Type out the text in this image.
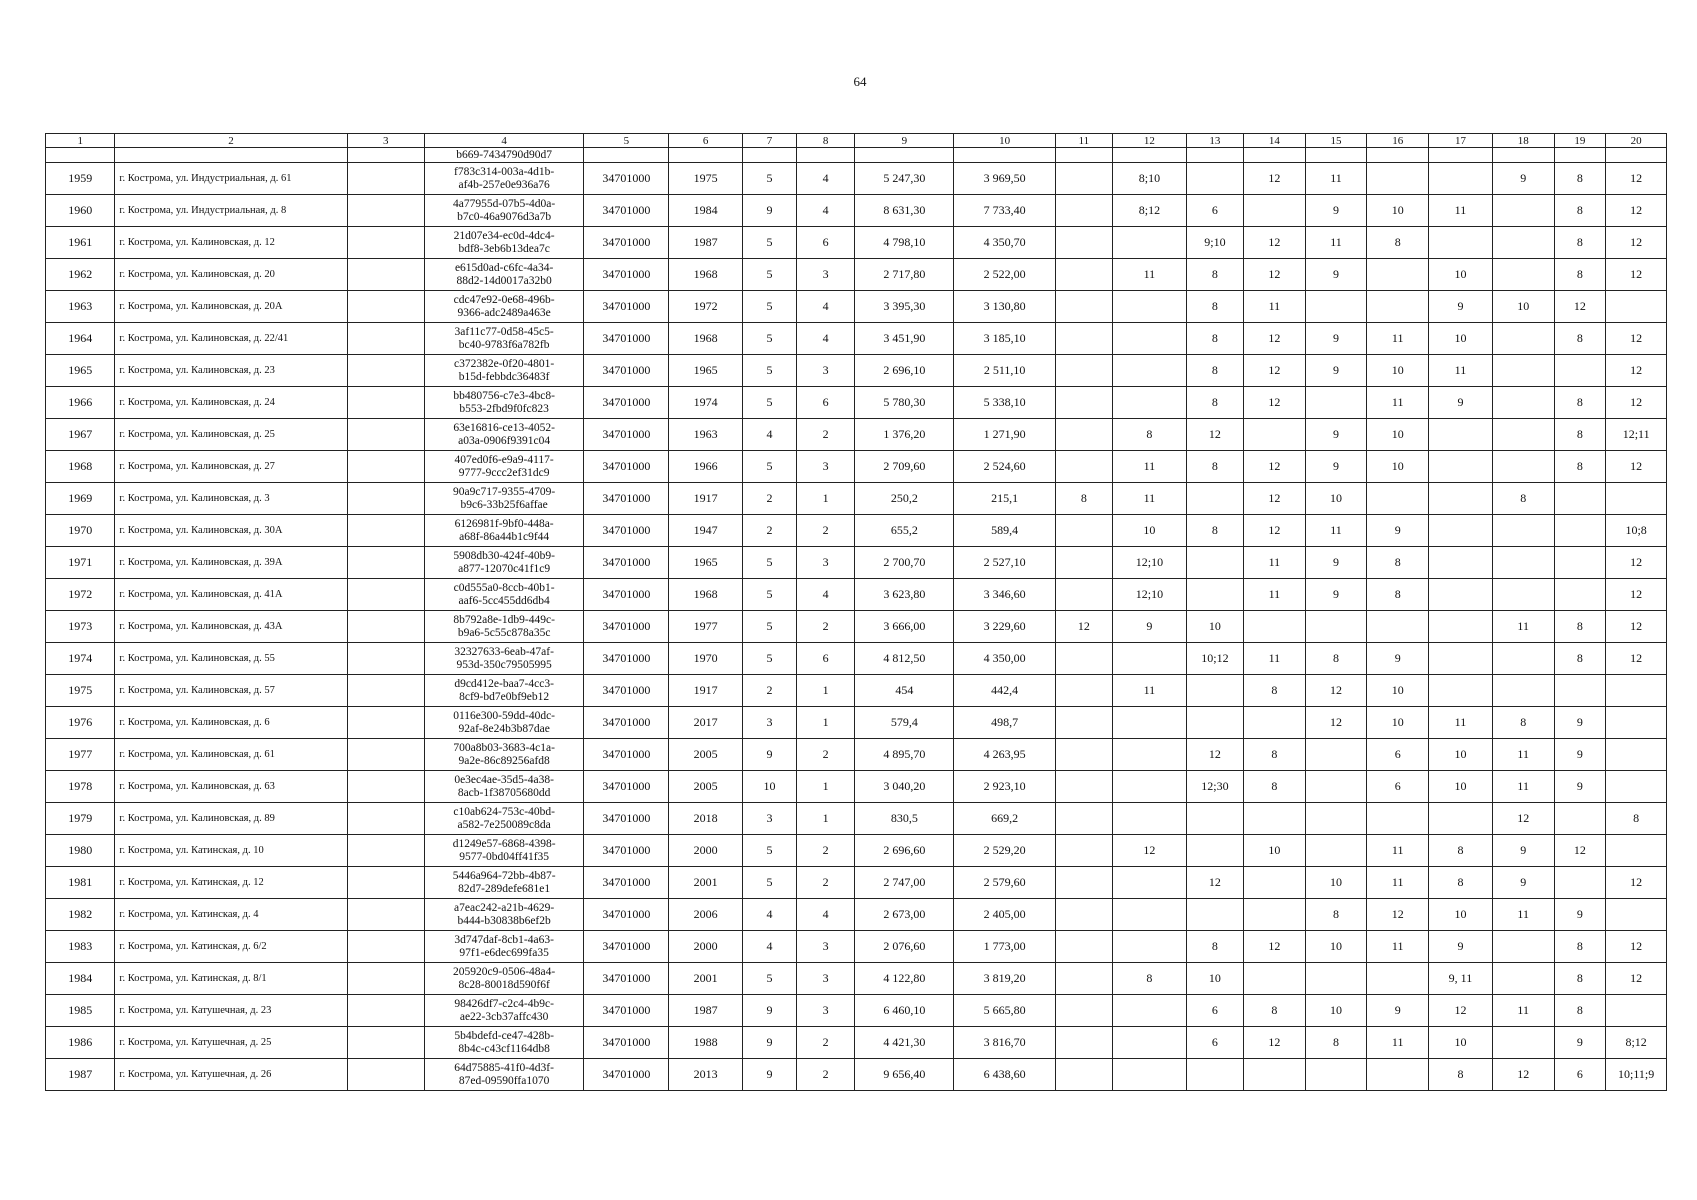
64
1	2	3	4	5	6	7	8	9	10	11	12	13	14	15	16	17	18	19	20
			b669-7434790d90d7																
1959	г. Кострома, ул. Индустриальная, д. 61		f783c314-003a-4d1b-
af4b-257e0e936a76	34701000	1975	5	4	5 247,30	3 969,50		8;10		12	11			9	8	12
1960	г. Кострома, ул. Индустриальная, д. 8		4a77955d-07b5-4d0a-
b7c0-46a9076d3a7b	34701000	1984	9	4	8 631,30	7 733,40		8;12	6		9	10	11		8	12
1961	г. Кострома, ул. Калиновская, д. 12		21d07e34-ec0d-4dc4-
bdf8-3eb6b13dea7c	34701000	1987	5	6	4 798,10	4 350,70			9;10	12	11	8			8	12
1962	г. Кострома, ул. Калиновская, д. 20		e615d0ad-c6fc-4a34-
88d2-14d0017a32b0	34701000	1968	5	3	2 717,80	2 522,00		11	8	12	9		10		8	12
1963	г. Кострома, ул. Калиновская, д. 20А		cdc47e92-0e68-496b-
9366-adc2489a463e	34701000	1972	5	4	3 395,30	3 130,80			8	11			9	10	12	
1964	г. Кострома, ул. Калиновская, д. 22/41		3af11c77-0d58-45c5-
bc40-9783f6a782fb	34701000	1968	5	4	3 451,90	3 185,10			8	12	9	11	10		8	12
1965	г. Кострома, ул. Калиновская, д. 23		c372382e-0f20-4801-
b15d-febbdc36483f	34701000	1965	5	3	2 696,10	2 511,10			8	12	9	10	11			12
1966	г. Кострома, ул. Калиновская, д. 24		bb480756-c7e3-4bc8-
b553-2fbd9f0fc823	34701000	1974	5	6	5 780,30	5 338,10			8	12		11	9		8	12
1967	г. Кострома, ул. Калиновская, д. 25		63e16816-ce13-4052-
a03a-0906f9391c04	34701000	1963	4	2	1 376,20	1 271,90		8	12		9	10			8	12;11
1968	г. Кострома, ул. Калиновская, д. 27		407ed0f6-e9a9-4117-
9777-9ccc2ef31dc9	34701000	1966	5	3	2 709,60	2 524,60		11	8	12	9	10			8	12
1969	г. Кострома, ул. Калиновская, д. 3		90a9c717-9355-4709-
b9c6-33b25f6affae	34701000	1917	2	1	250,2	215,1	8	11		12	10			8		
1970	г. Кострома, ул. Калиновская, д. 30А		6126981f-9bf0-448a-
a68f-86a44b1c9f44	34701000	1947	2	2	655,2	589,4		10	8	12	11	9				10;8
1971	г. Кострома, ул. Калиновская, д. 39А		5908db30-424f-40b9-
a877-12070c41f1c9	34701000	1965	5	3	2 700,70	2 527,10		12;10		11	9	8				12
1972	г. Кострома, ул. Калиновская, д. 41А		c0d555a0-8ccb-40b1-
aaf6-5cc455dd6db4	34701000	1968	5	4	3 623,80	3 346,60		12;10		11	9	8				12
1973	г. Кострома, ул. Калиновская, д. 43А		8b792a8e-1db9-449c-
b9a6-5c55c878a35c	34701000	1977	5	2	3 666,00	3 229,60	12	9	10					11	8	12
1974	г. Кострома, ул. Калиновская, д. 55		32327633-6eab-47af-
953d-350c79505995	34701000	1970	5	6	4 812,50	4 350,00			10;12	11	8	9			8	12
1975	г. Кострома, ул. Калиновская, д. 57		d9cd412e-baa7-4cc3-
8cf9-bd7e0bf9eb12	34701000	1917	2	1	454	442,4		11		8	12	10				
1976	г. Кострома, ул. Калиновская, д. 6		0116e300-59dd-40dc-
92af-8e24b3b87dae	34701000	2017	3	1	579,4	498,7					12	10	11	8	9	
1977	г. Кострома, ул. Калиновская, д. 61		700a8b03-3683-4c1a-
9a2e-86c89256afd8	34701000	2005	9	2	4 895,70	4 263,95			12	8		6	10	11	9	
1978	г. Кострома, ул. Калиновская, д. 63		0e3ec4ae-35d5-4a38-
8acb-1f38705680dd	34701000	2005	10	1	3 040,20	2 923,10			12;30	8		6	10	11	9	
1979	г. Кострома, ул. Калиновская, д. 89		c10ab624-753c-40bd-
a582-7e250089c8da	34701000	2018	3	1	830,5	669,2								12		8
1980	г. Кострома, ул. Катинская, д. 10		d1249e57-6868-4398-
9577-0bd04ff41f35	34701000	2000	5	2	2 696,60	2 529,20		12		10		11	8	9	12	
1981	г. Кострома, ул. Катинская, д. 12		5446a964-72bb-4b87-
82d7-289defe681e1	34701000	2001	5	2	2 747,00	2 579,60			12		10	11	8	9		12
1982	г. Кострома, ул. Катинская, д. 4		a7eac242-a21b-4629-
b444-b30838b6ef2b	34701000	2006	4	4	2 673,00	2 405,00					8	12	10	11	9	
1983	г. Кострома, ул. Катинская, д. 6/2		3d747daf-8cb1-4a63-
97f1-e6dec699fa35	34701000	2000	4	3	2 076,60	1 773,00			8	12	10	11	9		8	12
1984	г. Кострома, ул. Катинская, д. 8/1		205920c9-0506-48a4-
8c28-80018d590f6f	34701000	2001	5	3	4 122,80	3 819,20		8	10				9, 11		8	12
1985	г. Кострома, ул. Катушечная, д. 23		98426df7-c2c4-4b9c-
ae22-3cb37affc430	34701000	1987	9	3	6 460,10	5 665,80			6	8	10	9	12	11	8	
1986	г. Кострома, ул. Катушечная, д. 25		5b4bdefd-ce47-428b-
8b4c-c43cf1164db8	34701000	1988	9	2	4 421,30	3 816,70			6	12	8	11	10		9	8;12
1987	г. Кострома, ул. Катушечная, д. 26		64d75885-41f0-4d3f-
87ed-09590ffa1070	34701000	2013	9	2	9 656,40	6 438,60							8	12	6	10;11;9
